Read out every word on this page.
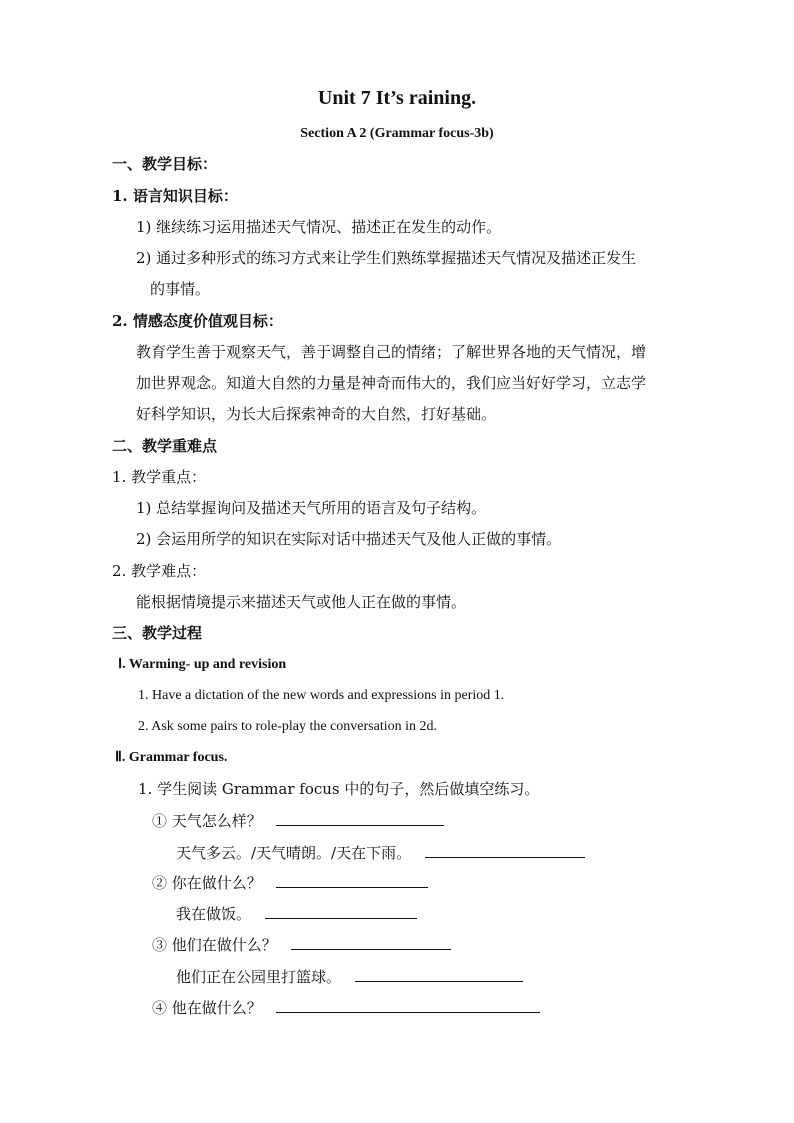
Unit 7 It’s raining.
Section A 2 (Grammar focus-3b)
一、教学目标：
1. 语言知识目标：
1) 继续练习运用描述天气情况、描述正在发生的动作。
2) 通过多种形式的练习方式来让学生们熟练掌握描述天气情况及描述正发生
的事情。
2. 情感态度价值观目标：
教育学生善于观察天气，善于调整自己的情绪；了解世界各地的天气情况，增
加世界观念。知道大自然的力量是神奇而伟大的，我们应当好好学习，立志学
好科学知识，为长大后探索神奇的大自然，打好基础。
二、教学重难点
1. 教学重点：
1) 总结掌握询问及描述天气所用的语言及句子结构。
2) 会运用所学的知识在实际对话中描述天气及他人正做的事情。
2. 教学难点：
能根据情境提示来描述天气或他人正在做的事情。
三、教学过程
Ⅰ. Warming- up and revision
1. Have a dictation of the new words and expressions in period 1.
2. Ask some pairs to role-play the conversation in 2d.
Ⅱ. Grammar focus.
1. 学生阅读 Grammar focus 中的句子，然后做填空练习。
① 天气怎么样？
天气多云。/天气晴朗。/天在下雨。
② 你在做什么？
我在做饭。
③ 他们在做什么？
他们正在公园里打篮球。
④ 他在做什么？
